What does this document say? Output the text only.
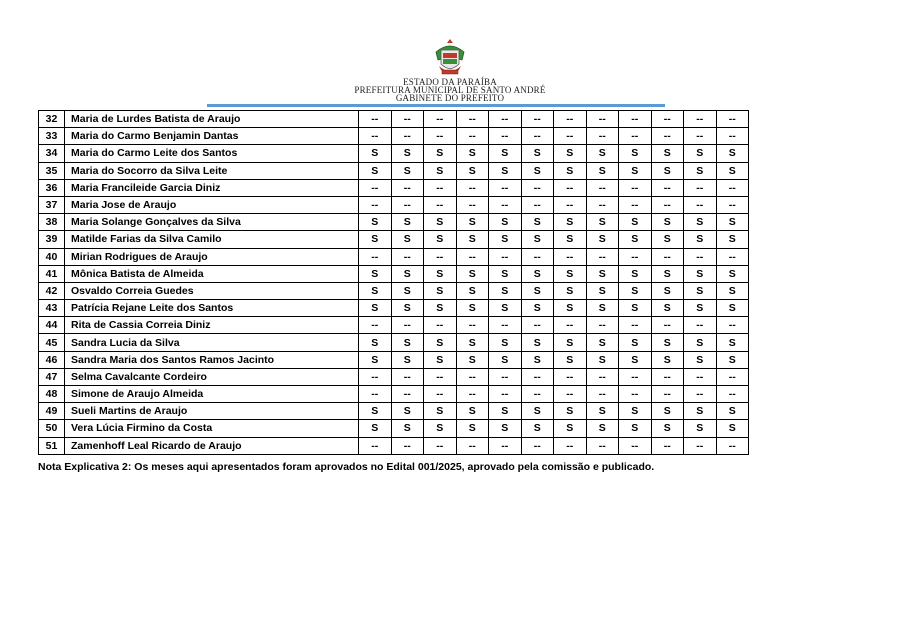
ESTADO DA PARAÍBA
PREFEITURA MUNICIPAL DE SANTO ANDRÉ
GABINETE DO PREFEITO
32	Maria de Lurdes Batista de Araujo	--	--	--	--	--	--	--	--	--	--	--	--
33	Maria do Carmo Benjamin Dantas	--	--	--	--	--	--	--	--	--	--	--	--
34	Maria do Carmo Leite dos Santos	S	S	S	S	S	S	S	S	S	S	S	S
35	Maria do Socorro da Silva Leite	S	S	S	S	S	S	S	S	S	S	S	S
36	Maria Francileide Garcia Diniz	--	--	--	--	--	--	--	--	--	--	--	--
37	Maria Jose de Araujo	--	--	--	--	--	--	--	--	--	--	--	--
38	Maria Solange Gonçalves da Silva	S	S	S	S	S	S	S	S	S	S	S	S
39	Matilde Farias da Silva Camilo	S	S	S	S	S	S	S	S	S	S	S	S
40	Mirian Rodrigues de Araujo	--	--	--	--	--	--	--	--	--	--	--	--
41	Mônica Batista de Almeida	S	S	S	S	S	S	S	S	S	S	S	S
42	Osvaldo Correia Guedes	S	S	S	S	S	S	S	S	S	S	S	S
43	Patrícia Rejane Leite dos Santos	S	S	S	S	S	S	S	S	S	S	S	S
44	Rita de Cassia Correia Diniz	--	--	--	--	--	--	--	--	--	--	--	--
45	Sandra Lucia da Silva	S	S	S	S	S	S	S	S	S	S	S	S
46	Sandra Maria dos Santos Ramos Jacinto	S	S	S	S	S	S	S	S	S	S	S	S
47	Selma Cavalcante Cordeiro	--	--	--	--	--	--	--	--	--	--	--	--
48	Simone de Araujo Almeida	--	--	--	--	--	--	--	--	--	--	--	--
49	Sueli Martins de Araujo	S	S	S	S	S	S	S	S	S	S	S	S
50	Vera Lúcia Firmino da Costa	S	S	S	S	S	S	S	S	S	S	S	S
51	Zamenhoff Leal Ricardo de Araujo	--	--	--	--	--	--	--	--	--	--	--	--
Nota Explicativa 2: Os meses aqui apresentados foram aprovados no Edital 001/2025, aprovado pela comissão e publicado.
